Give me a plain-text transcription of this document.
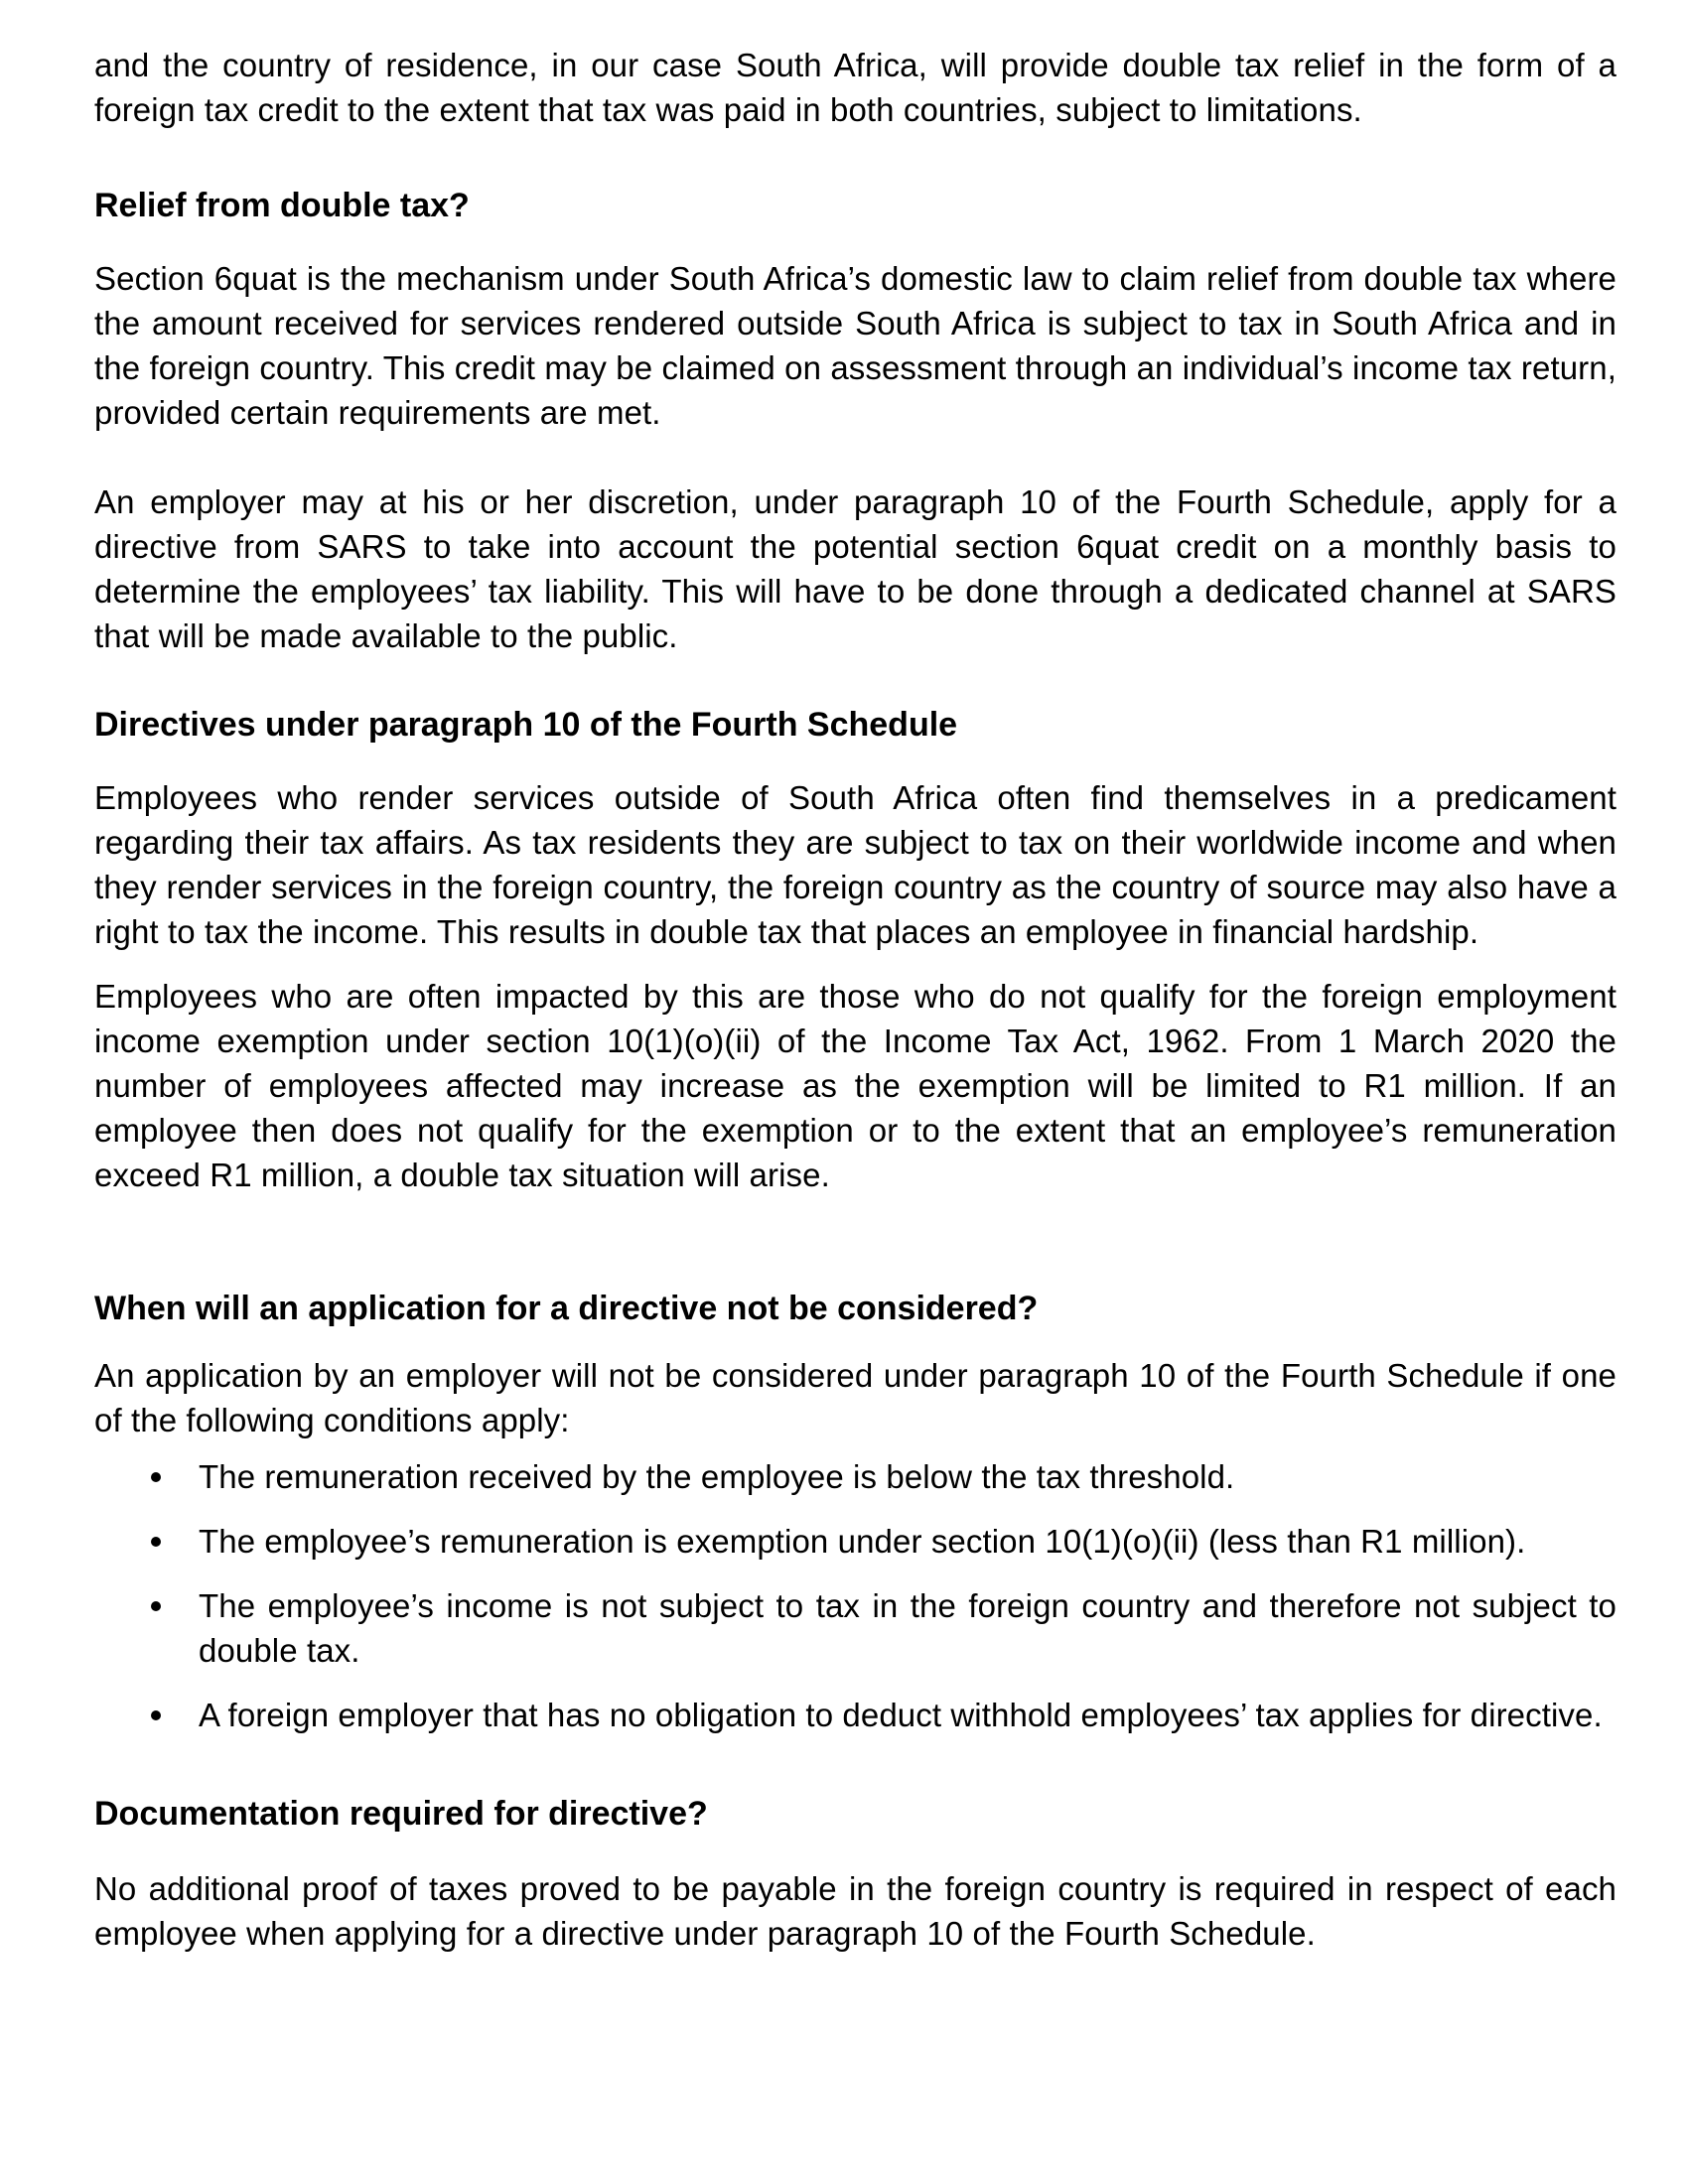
and the country of residence, in our case South Africa, will provide double tax relief in the form of a foreign tax credit to the extent that tax was paid in both countries, subject to limitations.

Relief from double tax?

Section 6quat is the mechanism under South Africa’s domestic law to claim relief from double tax where the amount received for services rendered outside South Africa is subject to tax in South Africa and in the foreign country. This credit may be claimed on assessment through an individual’s income tax return, provided certain requirements are met.

An employer may at his or her discretion, under paragraph 10 of the Fourth Schedule, apply for a directive from SARS to take into account the potential section 6quat credit on a monthly basis to determine the employees’ tax liability. This will have to be done through a dedicated channel at SARS that will be made available to the public.

Directives under paragraph 10 of the Fourth Schedule

Employees who render services outside of South Africa often find themselves in a predicament regarding their tax affairs. As tax residents they are subject to tax on their worldwide income and when they render services in the foreign country, the foreign country as the country of source may also have a right to tax the income. This results in double tax that places an employee in financial hardship.

Employees who are often impacted by this are those who do not qualify for the foreign employment income exemption under section 10(1)(o)(ii) of the Income Tax Act, 1962. From 1 March 2020 the number of employees affected may increase as the exemption will be limited to R1 million. If an employee then does not qualify for the exemption or to the extent that an employee’s remuneration exceed R1 million, a double tax situation will arise.

When will an application for a directive not be considered?

An application by an employer will not be considered under paragraph 10 of the Fourth Schedule if one of the following conditions apply:

The remuneration received by the employee is below the tax threshold.
The employee’s remuneration is exemption under section 10(1)(o)(ii) (less than R1 million).
The employee’s income is not subject to tax in the foreign country and therefore not subject to double tax.
A foreign employer that has no obligation to deduct withhold employees’ tax applies for directive.
Documentation required for directive?

No additional proof of taxes proved to be payable in the foreign country is required in respect of each employee when applying for a directive under paragraph 10 of the Fourth Schedule.
